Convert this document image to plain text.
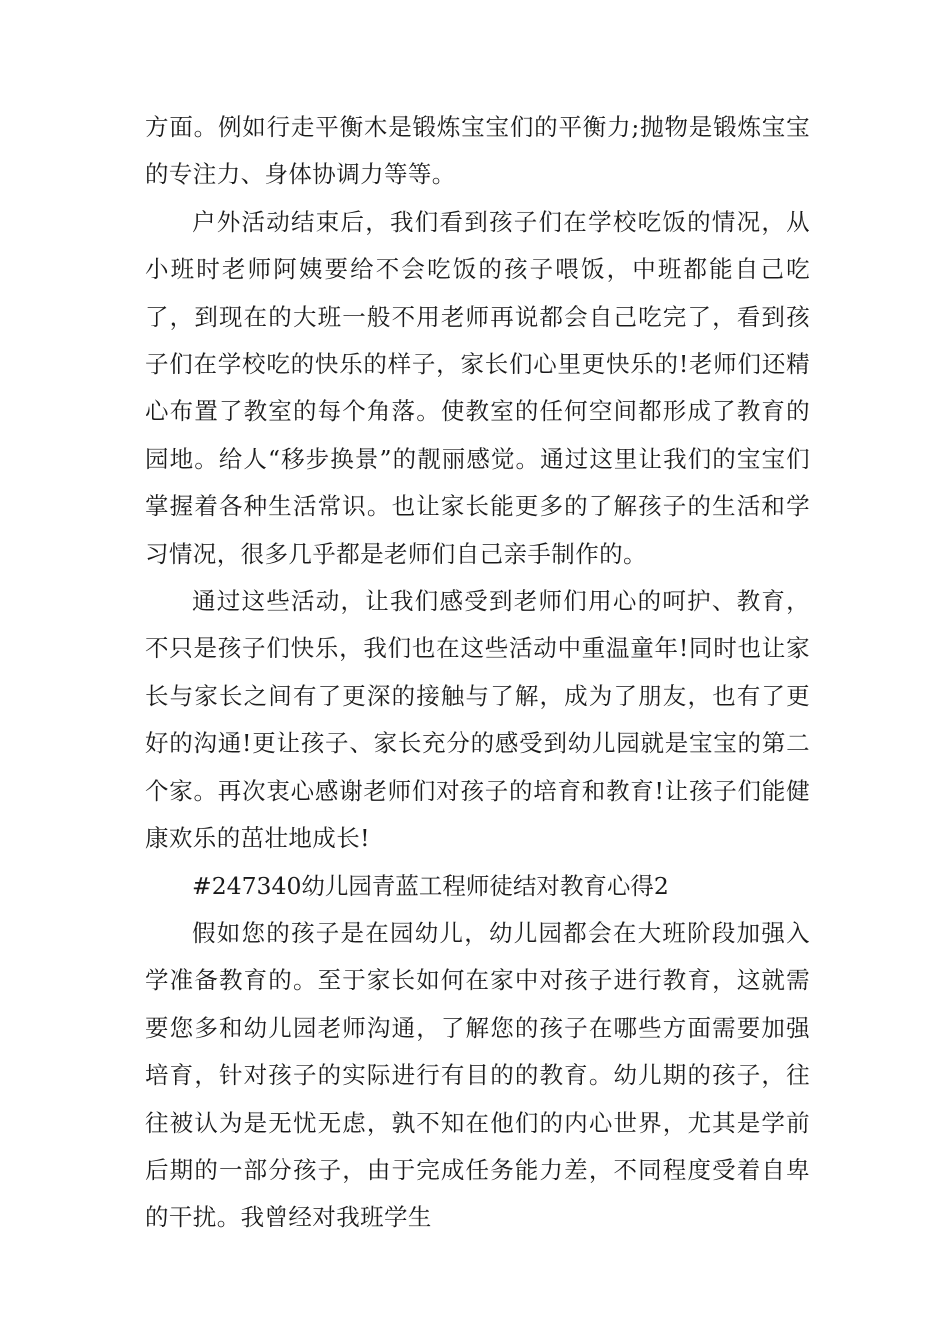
方面。例如行走平衡木是锻炼宝宝们的平衡力;抛物是锻炼宝宝的专注力、身体协调力等等。

户外活动结束后，我们看到孩子们在学校吃饭的情况，从小班时老师阿姨要给不会吃饭的孩子喂饭，中班都能自己吃了，到现在的大班一般不用老师再说都会自己吃完了，看到孩子们在学校吃的快乐的样子，家长们心里更快乐的!老师们还精心布置了教室的每个角落。使教室的任何空间都形成了教育的园地。给人“移步换景”的靓丽感觉。通过这里让我们的宝宝们掌握着各种生活常识。也让家长能更多的了解孩子的生活和学习情况，很多几乎都是老师们自己亲手制作的。

通过这些活动，让我们感受到老师们用心的呵护、教育，不只是孩子们快乐，我们也在这些活动中重温童年!同时也让家长与家长之间有了更深的接触与了解，成为了朋友，也有了更好的沟通!更让孩子、家长充分的感受到幼儿园就是宝宝的第二个家。再次衷心感谢老师们对孩子的培育和教育!让孩子们能健康欢乐的茁壮地成长!

#247340幼儿园青蓝工程师徒结对教育心得2

假如您的孩子是在园幼儿，幼儿园都会在大班阶段加强入学准备教育的。至于家长如何在家中对孩子进行教育，这就需要您多和幼儿园老师沟通，了解您的孩子在哪些方面需要加强培育，针对孩子的实际进行有目的的教育。幼儿期的孩子，往往被认为是无忧无虑，孰不知在他们的内心世界，尤其是学前后期的一部分孩子，由于完成任务能力差，不同程度受着自卑的干扰。我曾经对我班学生
